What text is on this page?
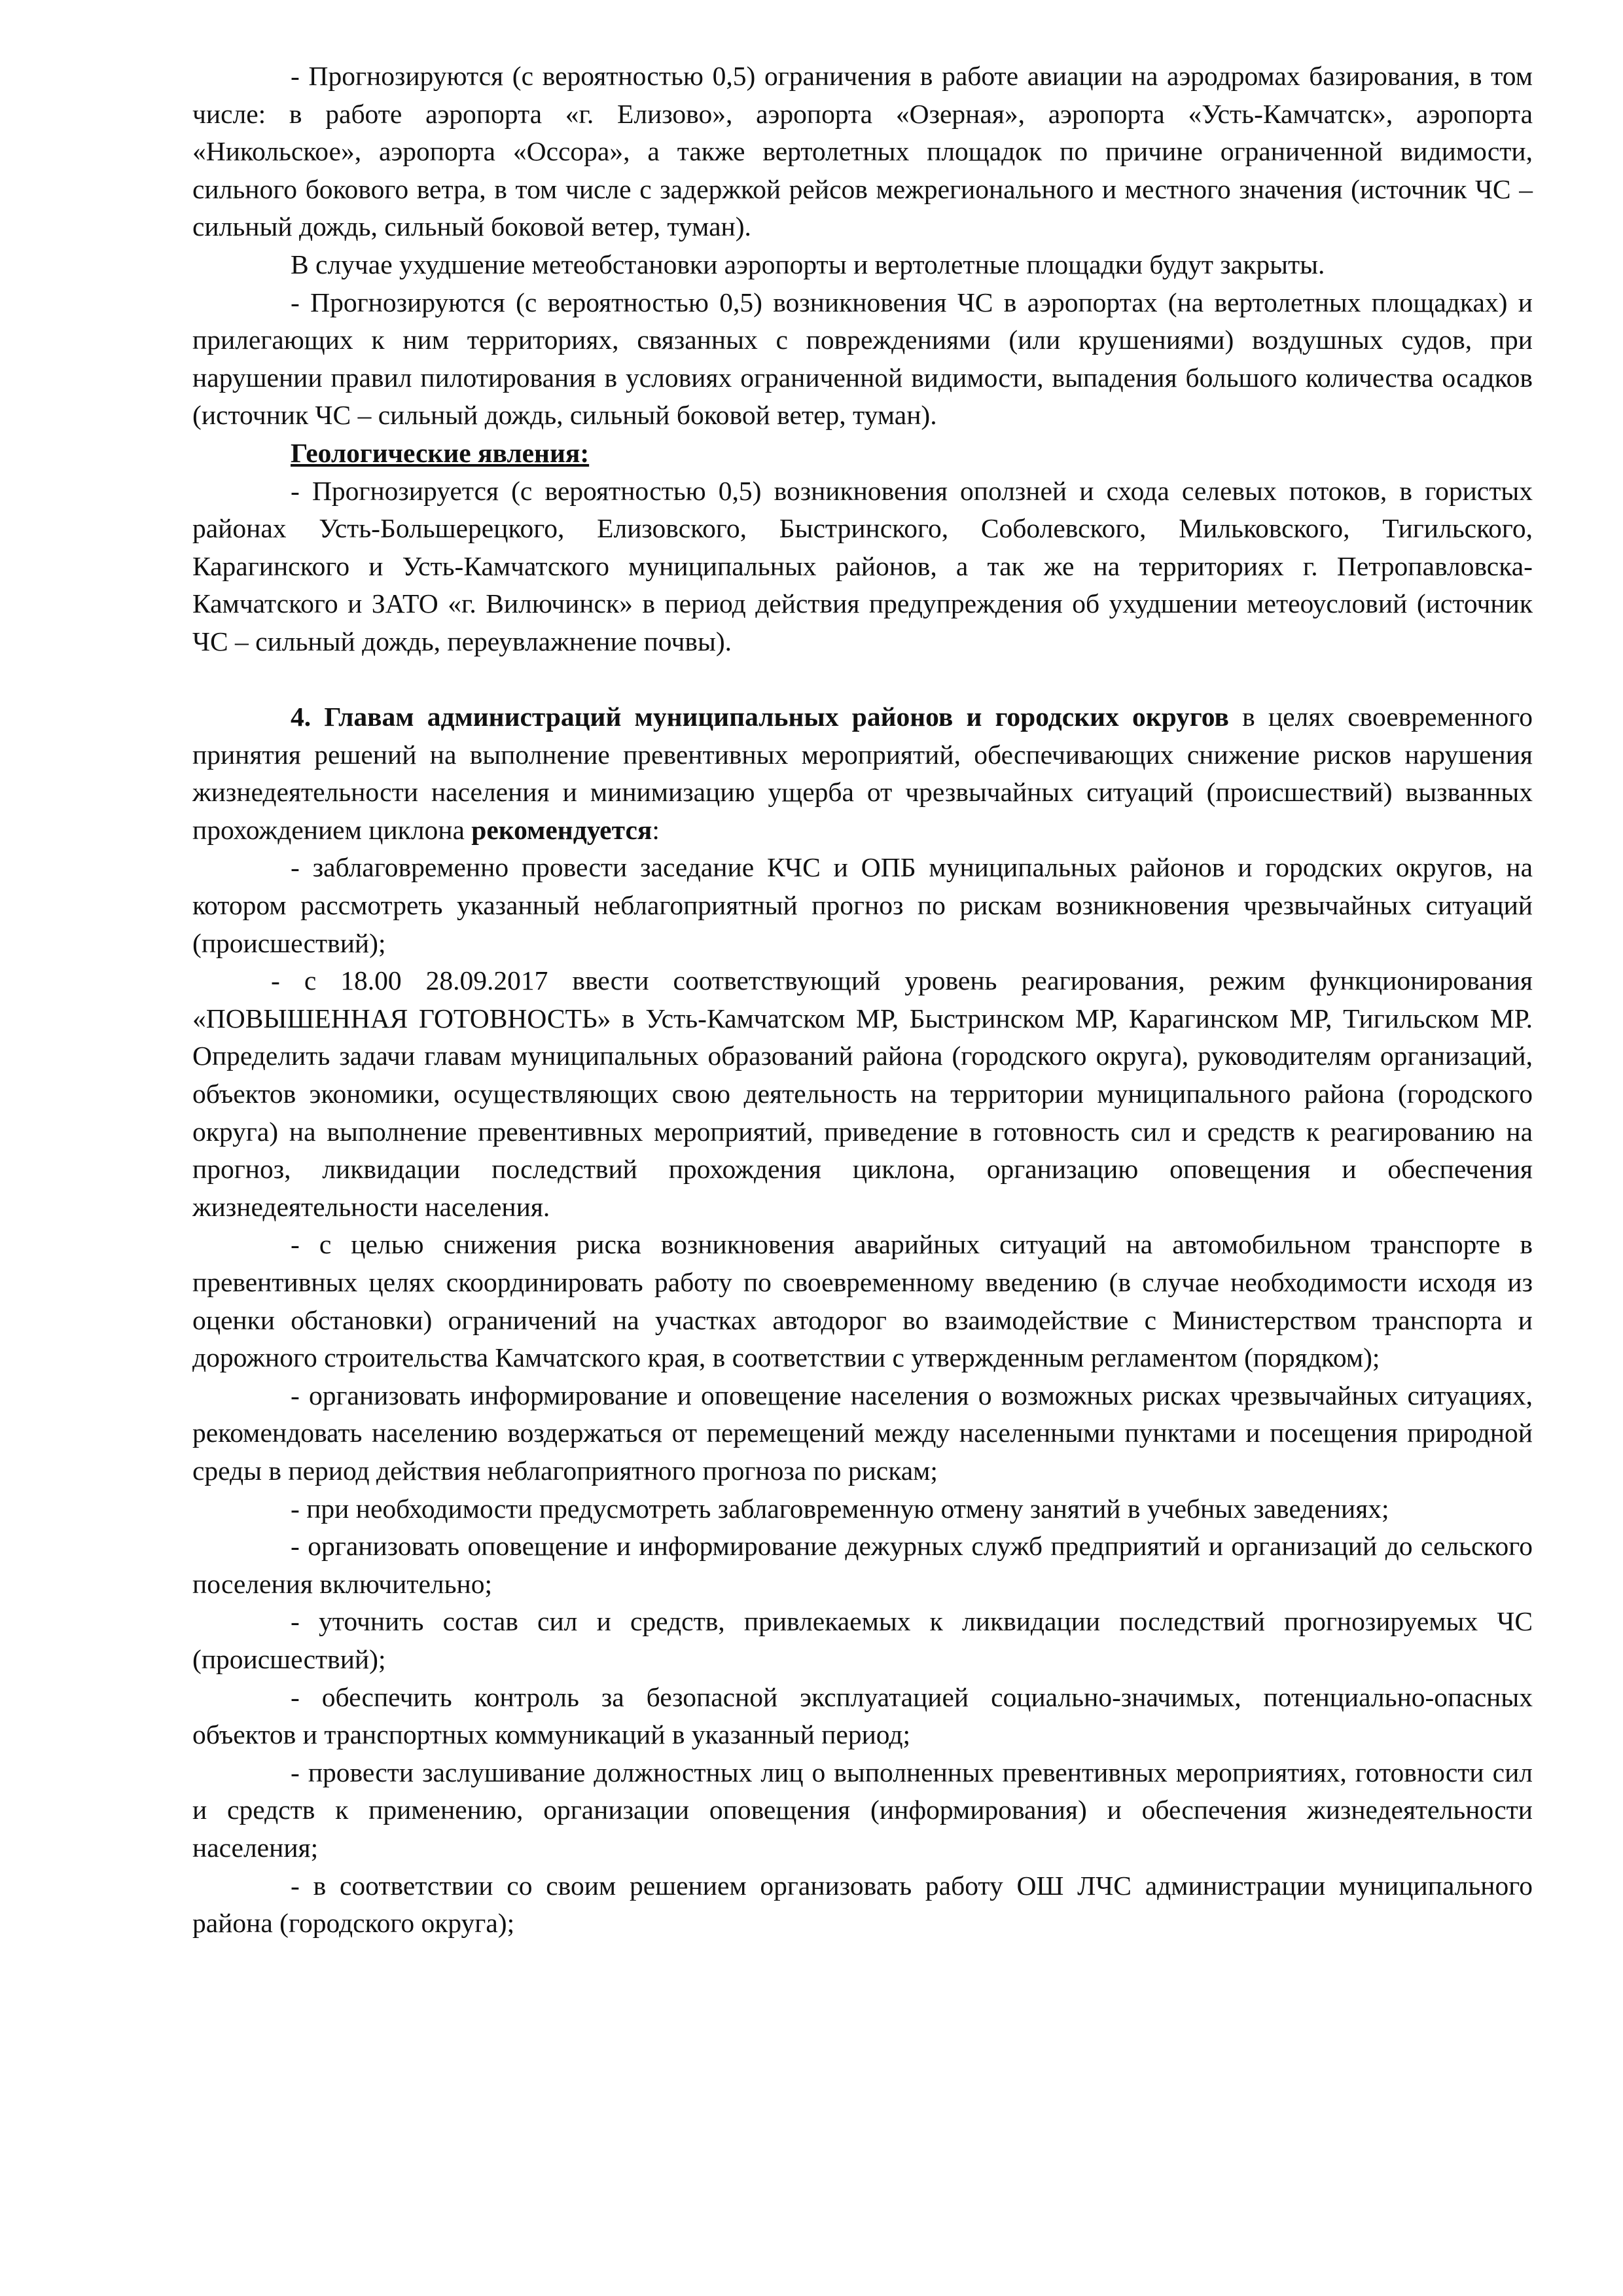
- Прогнозируются (с вероятностью 0,5) ограничения в работе авиации на аэродромах базирования, в том числе: в работе аэропорта «г. Елизово», аэропорта «Озерная», аэропорта «Усть-Камчатск», аэропорта «Никольское», аэропорта «Оссора», а также вертолетных площадок по причине ограниченной видимости, сильного бокового ветра, в том числе с задержкой рейсов межрегионального и местного значения (источник ЧС – сильный дождь, сильный боковой ветер, туман).

В случае ухудшение метеобстановки аэропорты и вертолетные площадки будут закрыты.

- Прогнозируются (с вероятностью 0,5) возникновения ЧС в аэропортах (на вертолетных площадках) и прилегающих к ним территориях, связанных с повреждениями (или крушениями) воздушных судов, при нарушении правил пилотирования в условиях ограниченной видимости, выпадения большого количества осадков (источник ЧС – сильный дождь, сильный боковой ветер, туман).

Геологические явления:

- Прогнозируется (с вероятностью 0,5) возникновения оползней и схода селевых потоков, в гористых районах Усть-Большерецкого, Елизовского, Быстринского, Соболевского, Мильковского, Тигильского, Карагинского и Усть-Камчатского муниципальных районов, а так же на территориях г. Петропавловска-Камчатского и ЗАТО «г. Вилючинск» в период действия предупреждения об ухудшении метеоусловий (источник ЧС – сильный дождь, переувлажнение почвы).

4. Главам администраций муниципальных районов и городских округов в целях своевременного принятия решений на выполнение превентивных мероприятий, обеспечивающих снижение рисков нарушения жизнедеятельности населения и минимизацию ущерба от чрезвычайных ситуаций (происшествий) вызванных прохождением циклона рекомендуется:

- заблаговременно провести заседание КЧС и ОПБ муниципальных районов и городских округов, на котором рассмотреть указанный неблагоприятный прогноз по рискам возникновения чрезвычайных ситуаций (происшествий);

- с 18.00 28.09.2017 ввести соответствующий уровень реагирования, режим функционирования «ПОВЫШЕННАЯ ГОТОВНОСТЬ» в Усть-Камчатском МР, Быстринском МР, Карагинском МР, Тигильском МР. Определить задачи главам муниципальных образований района (городского округа), руководителям организаций, объектов экономики, осуществляющих свою деятельность на территории муниципального района (городского округа) на выполнение превентивных мероприятий, приведение в готовность сил и средств к реагированию на прогноз, ликвидации последствий прохождения циклона, организацию оповещения и обеспечения жизнедеятельности населения.

- с целью снижения риска возникновения аварийных ситуаций на автомобильном транспорте в превентивных целях скоординировать работу по своевременному введению (в случае необходимости исходя из оценки обстановки) ограничений на участках автодорог во взаимодействие с Министерством транспорта и дорожного строительства Камчатского края, в соответствии с утвержденным регламентом (порядком);

- организовать информирование и оповещение населения о возможных рисках чрезвычайных ситуациях, рекомендовать населению воздержаться от перемещений между населенными пунктами и посещения природной среды в период действия неблагоприятного прогноза по рискам;

- при необходимости предусмотреть заблаговременную отмену занятий в учебных заведениях;

- организовать оповещение и информирование дежурных служб предприятий и организаций до сельского поселения включительно;

- уточнить состав сил и средств, привлекаемых к ликвидации последствий прогнозируемых ЧС (происшествий);

- обеспечить контроль за безопасной эксплуатацией социально-значимых, потенциально-опасных объектов и транспортных коммуникаций в указанный период;

- провести заслушивание должностных лиц о выполненных превентивных мероприятиях, готовности сил и средств к применению, организации оповещения (информирования) и обеспечения жизнедеятельности населения;

- в соответствии со своим решением организовать работу ОШ ЛЧС администрации муниципального района (городского округа);
